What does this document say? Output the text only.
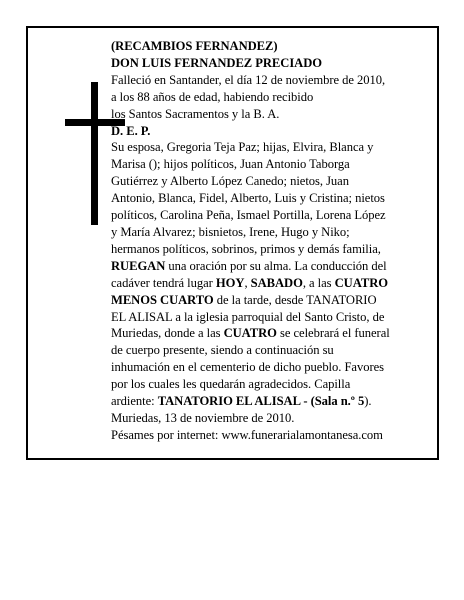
(RECAMBIOS FERNANDEZ)
DON LUIS FERNANDEZ PRECIADO
Falleció en Santander, el día 12 de noviembre de 2010,
a los 88 años de edad, habiendo recibido
los Santos Sacramentos y la B. A.
D. E. P.
Su esposa, Gregoria Teja Paz; hijas, Elvira, Blanca y
Marisa (); hijos políticos, Juan Antonio Taborga
Gutiérrez y Alberto López Canedo; nietos, Juan
Antonio, Blanca, Fidel, Alberto, Luis y Cristina; nietos
políticos, Carolina Peña, Ismael Portilla, Lorena López
y María Alvarez; bisnietos, Irene, Hugo y Niko;
hermanos políticos, sobrinos, primos y demás familia,
RUEGAN una oración por su alma. La conducción del
cadáver tendrá lugar HOY, SABADO, a las CUATRO
MENOS CUARTO de la tarde, desde TANATORIO
EL ALISAL a la iglesia parroquial del Santo Cristo, de
Muriedas, donde a las CUATRO se celebrará el funeral
de cuerpo presente, siendo a continuación su
inhumación en el cementerio de dicho pueblo. Favores
por los cuales les quedarán agradecidos. Capilla
ardiente: TANATORIO EL ALISAL - (Sala n.º 5).
Muriedas, 13 de noviembre de 2010.
Pésames por internet: www.funerarialamontanesa.com
